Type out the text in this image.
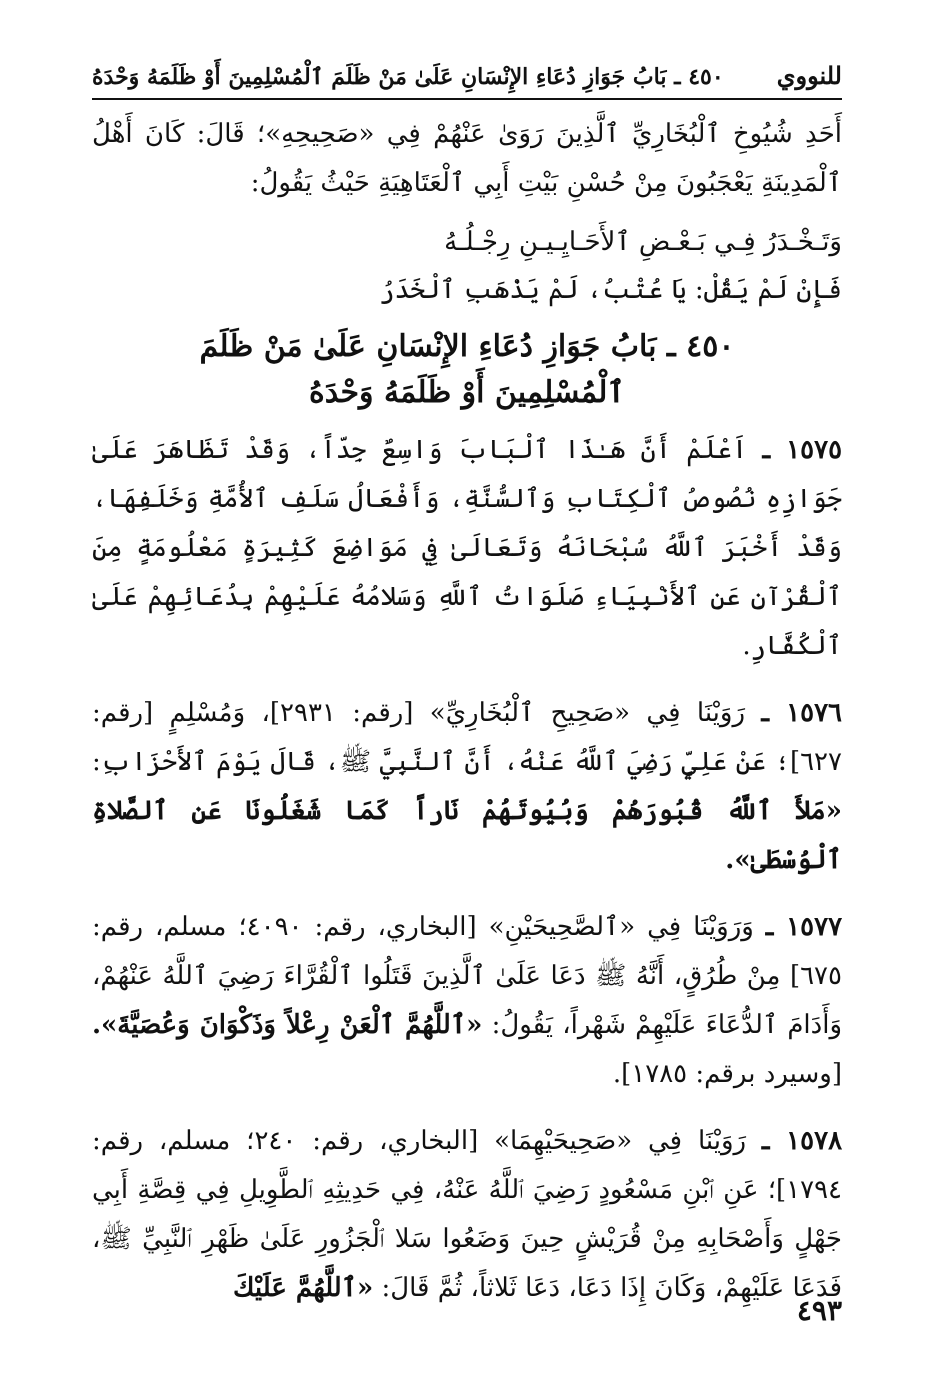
للنووي
٤٥٠ ـ بَابُ جَوَازِ دُعَاءِ الإِنْسَانِ عَلَىٰ مَنْ ظَلَمَ ٱلْمُسْلِمِينَ أَوْ ظَلَمَهُ وَحْدَهُ

أَحَدِ شُيُوخِ ٱلْبُخَارِيِّ ٱلَّذِينَ رَوَىٰ عَنْهُمْ فِي «صَحِيحِهِ»؛ قَالَ: كَانَ أَهْلُ ٱلْمَدِينَةِ يَعْجَبُونَ مِنْ حُسْنِ بَيْتِ أَبِي ٱلْعَتَاهِيَةِ حَيْثُ يَقُولُ:

وَتَـخْـدَرُ فِـي بَـعْـضِ ٱلأَحَـايِـيـنِ رِجْـلُـهُ
فَإِنْ لَمْ يَقُلْ: يَا عُتْبُ، لَمْ يَذْهَبِ ٱلْخَدَرُ
٤٥٠ ـ بَابُ جَوَازِ دُعَاءِ الإِنْسَانِ عَلَىٰ مَنْ ظَلَمَ
ٱلْمُسْلِمِينَ أَوْ ظَلَمَهُ وَحْدَهُ

١٥٧٥ ـ اَعْلَمْ أَنَّ هَـٰذَا ٱلْبَابَ وَاسِعٌ جِدّاً، وَقَدْ تَظَاهَرَ عَلَىٰ جَوَازِهِ نُصُوصُ ٱلْكِتَابِ وَٱلسُّنَّةِ، وَأَفْعَالُ سَلَفِ ٱلأُمَّةِ وَخَلَفِهَا، وَقَدْ أَخْبَرَ ٱللَّهُ سُبْحَانَهُ وَتَعَالَىٰ فِي مَوَاضِعَ كَثِيرَةٍ مَعْلُومَةٍ مِنَ ٱلْقُرْآنِ عَنِ ٱلأَنْبِيَاءِ صَلَوَاتُ ٱللَّهِ وَسَلامُهُ عَلَيْهِمْ بِدُعَائِهِمْ عَلَىٰ ٱلْكُفَّارِ.

١٥٧٦ ـ رَوَيْنَا فِي «صَحِيحِ ٱلْبُخَارِيِّ» [رقم: ٢٩٣١]، وَمُسْلِمٍ [رقم: ٦٢٧]؛ عَنْ عَلِيٍّ رَضِيَ ٱللَّهُ عَنْهُ، أَنَّ ٱلنَّبِيَّ ﷺ، قَالَ يَوْمَ ٱلأَحْزَابِ: «مَلأَ ٱللَّهُ قُبُورَهُمْ وَبُيُوتَهُمْ نَاراً كَمَا شَغَلُونَا عَنِ ٱلصَّلاةِ ٱلْوُسْطَىٰ».

١٥٧٧ ـ وَرَوَيْنَا فِي «ٱلصَّحِيحَيْنِ» [البخاري، رقم: ٤٠٩٠؛ مسلم، رقم: ٦٧٥] مِنْ طُرُقٍ، أَنَّهُ ﷺ دَعَا عَلَىٰ ٱلَّذِينَ قَتَلُوا ٱلْقُرَّاءَ رَضِيَ ٱللَّهُ عَنْهُمْ، وَأَدَامَ ٱلدُّعَاءَ عَلَيْهِمْ شَهْراً، يَقُولُ: «ٱللَّهُمَّ ٱلْعَنْ رِعْلاً وَذَكْوَانَ وَعُصَيَّةَ». [وسيرد برقم: ١٧٨٥].

١٥٧٨ ـ رَوَيْنَا فِي «صَحِيحَيْهِمَا» [البخاري، رقم: ٢٤٠؛ مسلم، رقم: ١٧٩٤]؛ عَنِ ٱبْنِ مَسْعُودٍ رَضِيَ ٱللَّهُ عَنْهُ، فِي حَدِيثِهِ ٱلطَّوِيلِ فِي قِصَّةِ أَبِي جَهْلٍ وَأَصْحَابِهِ مِنْ قُرَيْشٍ حِينَ وَضَعُوا سَلا ٱلْجَزُورِ عَلَىٰ ظَهْرِ ٱلنَّبِيِّ ﷺ، فَدَعَا عَلَيْهِمْ، وَكَانَ إِذَا دَعَا، دَعَا ثَلاثاً، ثُمَّ قَالَ: «ٱللَّهُمَّ عَلَيْكَ

٤٩٣
